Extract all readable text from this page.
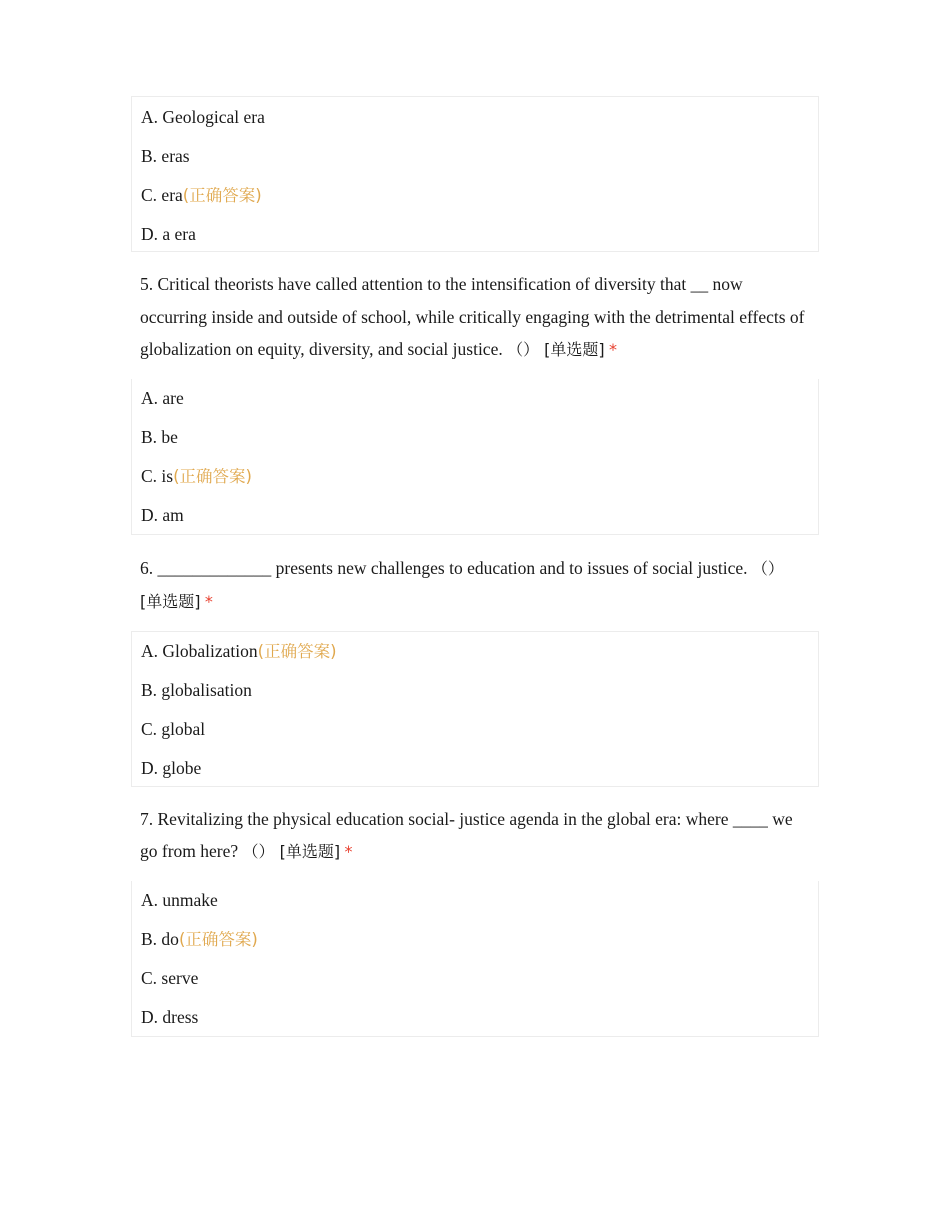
A. Geological era
B. eras
C. era(正确答案)
D. a era

5. Critical theorists have called attention to the intensification of diversity that __ now occurring inside and outside of school, while critically engaging with the detrimental effects of globalization on equity, diversity, and social justice. （） [单选题] *

A. are
B. be
C. is(正确答案)
D. am

6. _____________ presents new challenges to education and to issues of social justice. （） [单选题] *

A. Globalization(正确答案)
B. globalisation
C. global
D. globe

7. Revitalizing the physical education social- justice agenda in the global era: where ____ we go from here? （） [单选题] *

A. unmake
B. do(正确答案)
C. serve
D. dress
